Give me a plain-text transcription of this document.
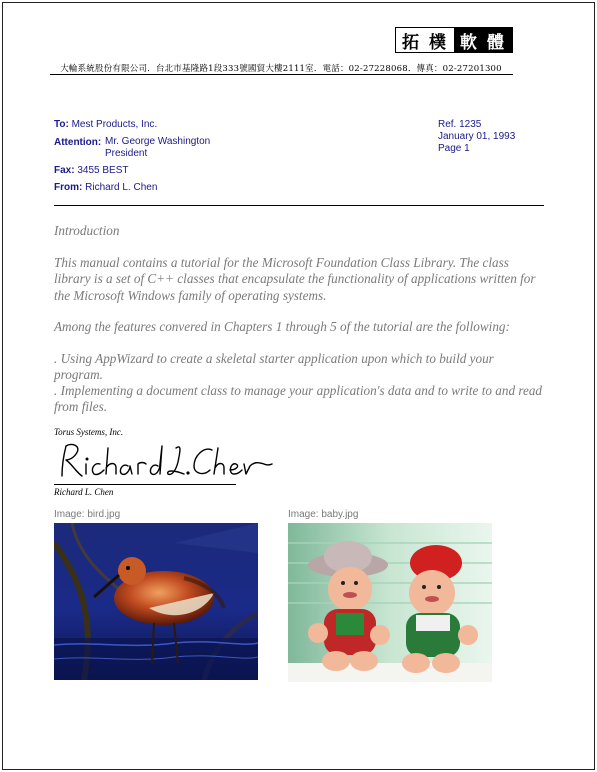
拓 樸 軟 體
大輪系統股份有限公司．台北市基隆路1段333號國貿大樓2111室．電話：02-27228068．傳真：02-27201300
To: Mest Products, Inc.
Attention: Mr. George Washington
President
Fax: 3455 BEST
From: Richard L. Chen
Ref. 1235
January 01, 1993
Page 1
Introduction
This manual contains a tutorial for the Microsoft Foundation Class Library. The class library is a set of C++ classes that encapsulate the functionality of applications written for the Microsoft Windows family of operating systems.
Among the features convered in Chapters 1 through 5 of the tutorial are the following:
. Using AppWizard to create a skeletal starter application upon which to build your program.
. Implementing a document class to manage your application's data and to write to and read from files.
Torus Systems, Inc.
Richard L. Chen
Image: bird.jpg	Image: baby.jpg
